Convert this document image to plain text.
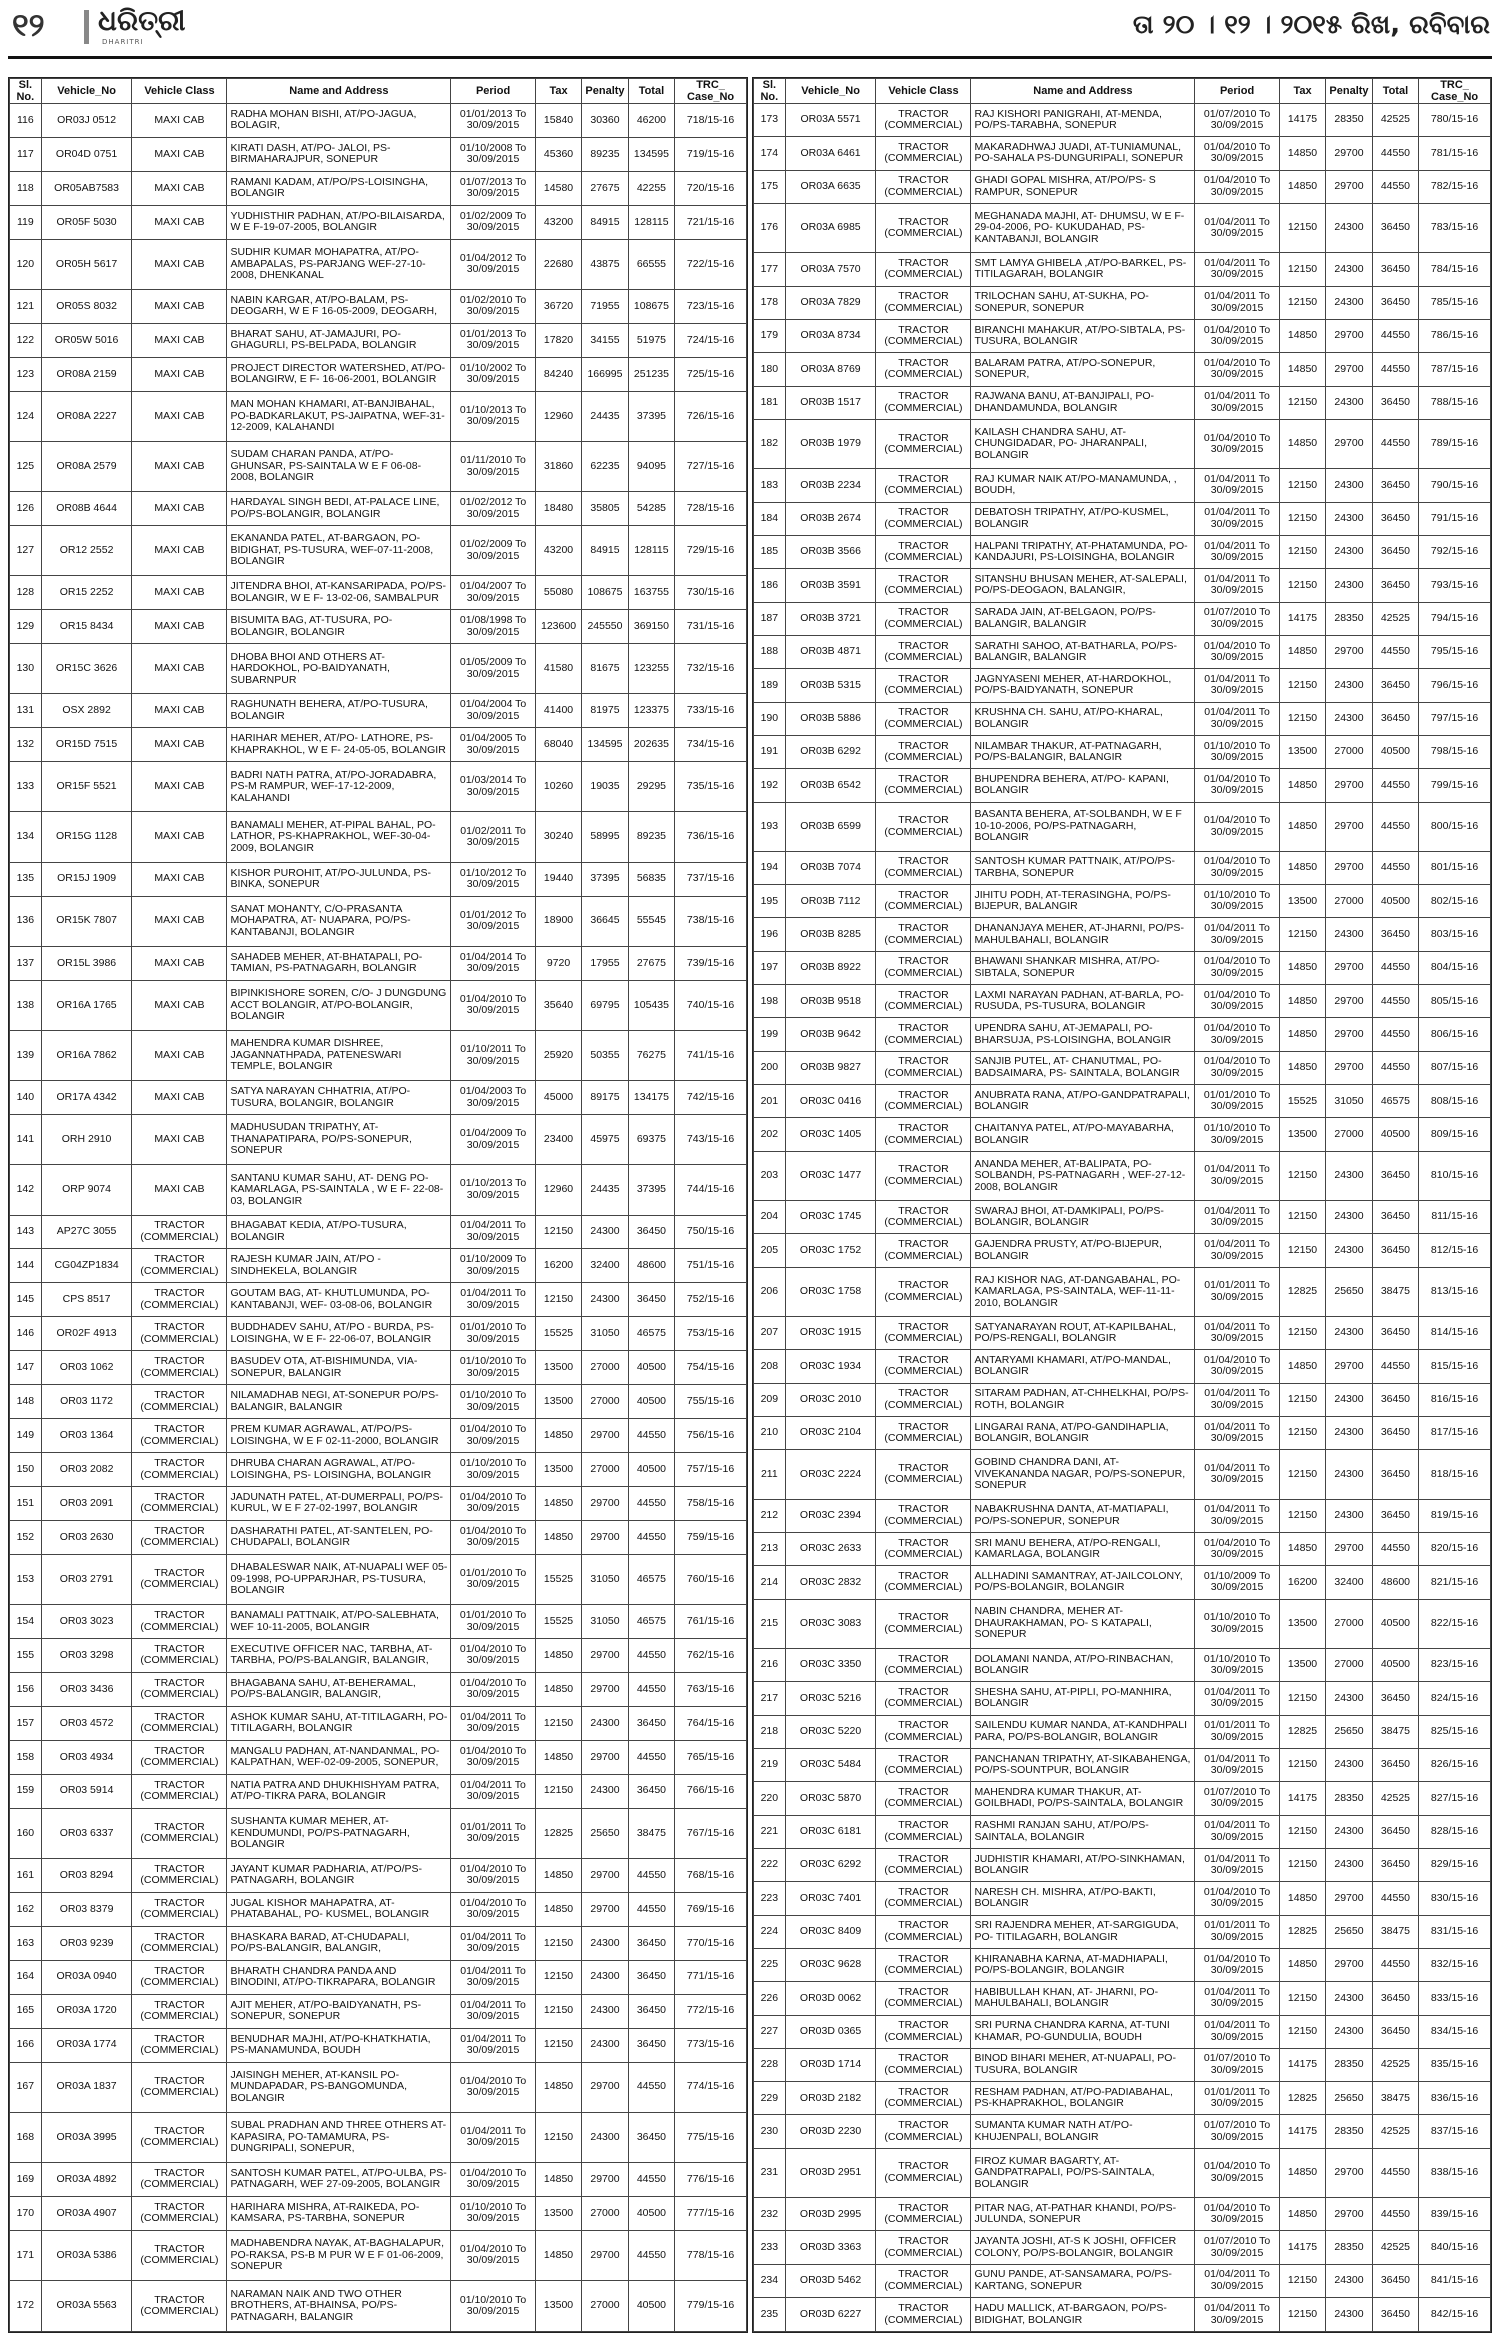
୧୨ ଧରିତ୍ରୀ
DHARITRI
ତା ୨୦ । ୧୨ । ୨୦୧୫ ରିଖ, ରବିବାର
Sl. No.	Vehicle_No	Vehicle Class	Name and Address	Period	Tax	Penalty	Total	TRC_ Case_No
116	OR03J 0512	MAXI CAB	RADHA MOHAN BISHI, AT/PO-JAGUA, BOLAGIR,	01/01/2013 To 30/09/2015	15840	30360	46200	718/15-16
117	OR04D 0751	MAXI CAB	KIRATI DASH, AT/PO- JALOI, PS-BIRMAHARAJPUR, SONEPUR	01/10/2008 To 30/09/2015	45360	89235	134595	719/15-16
118	OR05AB7583	MAXI CAB	RAMANI KADAM, AT/PO/PS-LOISINGHA, BOLANGIR	01/07/2013 To 30/09/2015	14580	27675	42255	720/15-16
119	OR05F 5030	MAXI CAB	YUDHISTHIR PADHAN, AT/PO-BILAISARDA, W E F-19-07-2005, BOLANGIR	01/02/2009 To 30/09/2015	43200	84915	128115	721/15-16
120	OR05H 5617	MAXI CAB	SUDHIR KUMAR MOHAPATRA, AT/PO-AMBAPALAS, PS-PARJANG WEF-27-10-2008, DHENKANAL	01/04/2012 To 30/09/2015	22680	43875	66555	722/15-16
121	OR05S 8032	MAXI CAB	NABIN KARGAR, AT/PO-BALAM, PS-DEOGARH, W E F 16-05-2009, DEOGARH,	01/02/2010 To 30/09/2015	36720	71955	108675	723/15-16
122	OR05W 5016	MAXI CAB	BHARAT SAHU, AT-JAMAJURI, PO-GHAGURLI, PS-BELPADA, BOLANGIR	01/01/2013 To 30/09/2015	17820	34155	51975	724/15-16
123	OR08A 2159	MAXI CAB	PROJECT DIRECTOR WATERSHED, AT/PO- BOLANGIRW, E F- 16-06-2001, BOLANGIR	01/10/2002 To 30/09/2015	84240	166995	251235	725/15-16
124	OR08A 2227	MAXI CAB	MAN MOHAN KHAMARI, AT-BANJIBAHAL, PO-BADKARLAKUT, PS-JAIPATNA, WEF-31-12-2009, KALAHANDI	01/10/2013 To 30/09/2015	12960	24435	37395	726/15-16
125	OR08A 2579	MAXI CAB	SUDAM CHARAN PANDA, AT/PO-GHUNSAR, PS-SAINTALA W E F 06-08-2008, BOLANGIR	01/11/2010 To 30/09/2015	31860	62235	94095	727/15-16
126	OR08B 4644	MAXI CAB	HARDAYAL SINGH BEDI, AT-PALACE LINE, PO/PS-BOLANGIR, BOLANGIR	01/02/2012 To 30/09/2015	18480	35805	54285	728/15-16
127	OR12 2552	MAXI CAB	EKANANDA PATEL, AT-BARGAON, PO-BIDIGHAT, PS-TUSURA, WEF-07-11-2008, BOLANGIR	01/02/2009 To 30/09/2015	43200	84915	128115	729/15-16
128	OR15 2252	MAXI CAB	JITENDRA BHOI, AT-KANSARIPADA, PO/PS- BOLANGIR, W E F- 13-02-06, SAMBALPUR	01/04/2007 To 30/09/2015	55080	108675	163755	730/15-16
129	OR15 8434	MAXI CAB	BISUMITA BAG, AT-TUSURA, PO-BOLANGIR, BOLANGIR	01/08/1998 To 30/09/2015	123600	245550	369150	731/15-16
130	OR15C 3626	MAXI CAB	DHOBA BHOI AND OTHERS AT-HARDOKHOL, PO-BAIDYANATH, SUBARNPUR	01/05/2009 To 30/09/2015	41580	81675	123255	732/15-16
131	OSX 2892	MAXI CAB	RAGHUNATH BEHERA, AT/PO-TUSURA, BOLANGIR	01/04/2004 To 30/09/2015	41400	81975	123375	733/15-16
132	OR15D 7515	MAXI CAB	HARIHAR MEHER, AT/PO- LATHORE, PS- KHAPRAKHOL, W E F- 24-05-05, BOLANGIR	01/04/2005 To 30/09/2015	68040	134595	202635	734/15-16
133	OR15F 5521	MAXI CAB	BADRI NATH PATRA, AT/PO-JORADABRA, PS-M RAMPUR, WEF-17-12-2009, KALAHANDI	01/03/2014 To 30/09/2015	10260	19035	29295	735/15-16
134	OR15G 1128	MAXI CAB	BANAMALI MEHER, AT-PIPAL BAHAL, PO-LATHOR, PS-KHAPRAKHOL, WEF-30-04-2009, BOLANGIR	01/02/2011 To 30/09/2015	30240	58995	89235	736/15-16
135	OR15J 1909	MAXI CAB	KISHOR PUROHIT, AT/PO-JULUNDA, PS-BINKA, SONEPUR	01/10/2012 To 30/09/2015	19440	37395	56835	737/15-16
136	OR15K 7807	MAXI CAB	SANAT MOHANTY, C/O-PRASANTA MOHAPATRA, AT- NUAPARA, PO/PS-KANTABANJI, BOLANGIR	01/01/2012 To 30/09/2015	18900	36645	55545	738/15-16
137	OR15L 3986	MAXI CAB	SAHADEB MEHER, AT-BHATAPALI, PO-TAMIAN, PS-PATNAGARH, BOLANGIR	01/04/2014 To 30/09/2015	9720	17955	27675	739/15-16
138	OR16A 1765	MAXI CAB	BIPINKISHORE SOREN, C/O- J DUNGDUNG ACCT BOLANGIR, AT/PO-BOLANGIR, BOLANGIR	01/04/2010 To 30/09/2015	35640	69795	105435	740/15-16
139	OR16A 7862	MAXI CAB	MAHENDRA KUMAR DISHREE, JAGANNATHPADA, PATENESWARI TEMPLE, BOLANGIR	01/10/2011 To 30/09/2015	25920	50355	76275	741/15-16
140	OR17A 4342	MAXI CAB	SATYA NARAYAN CHHATRIA, AT/PO-TUSURA, BOLANGIR, BOLANGIR	01/04/2003 To 30/09/2015	45000	89175	134175	742/15-16
141	ORH 2910	MAXI CAB	MADHUSUDAN TRIPATHY, AT-THANAPATIPARA, PO/PS-SONEPUR, SONEPUR	01/04/2009 To 30/09/2015	23400	45975	69375	743/15-16
142	ORP 9074	MAXI CAB	SANTANU KUMAR SAHU, AT- DENG PO- KAMARLAGA, PS-SAINTALA , W E F- 22-08-03, BOLANGIR	01/10/2013 To 30/09/2015	12960	24435	37395	744/15-16
143	AP27C 3055	TRACTOR (COMMERCIAL)	BHAGABAT KEDIA, AT/PO-TUSURA, BOLANGIR	01/04/2011 To 30/09/2015	12150	24300	36450	750/15-16
144	CG04ZP1834	TRACTOR (COMMERCIAL)	RAJESH KUMAR JAIN, AT/PO - SINDHEKELA, BOLANGIR	01/10/2009 To 30/09/2015	16200	32400	48600	751/15-16
145	CPS 8517	TRACTOR (COMMERCIAL)	GOUTAM BAG, AT- KHUTLUMUNDA, PO- KANTABANJI, WEF- 03-08-06, BOLANGIR	01/04/2011 To 30/09/2015	12150	24300	36450	752/15-16
146	OR02F 4913	TRACTOR (COMMERCIAL)	BUDDHADEV SAHU, AT/PO - BURDA, PS- LOISINGHA, W E F- 22-06-07, BOLANGIR	01/01/2010 To 30/09/2015	15525	31050	46575	753/15-16
147	OR03 1062	TRACTOR (COMMERCIAL)	BASUDEV OTA, AT-BISHIMUNDA, VIA-SONEPUR, BALANGIR	01/10/2010 To 30/09/2015	13500	27000	40500	754/15-16
148	OR03 1172	TRACTOR (COMMERCIAL)	NILAMADHAB NEGI, AT-SONEPUR PO/PS-BALANGIR, BALANGIR	01/10/2010 To 30/09/2015	13500	27000	40500	755/15-16
149	OR03 1364	TRACTOR (COMMERCIAL)	PREM KUMAR AGRAWAL, AT/PO/PS-LOISINGHA, W E F 02-11-2000, BOLANGIR	01/04/2010 To 30/09/2015	14850	29700	44550	756/15-16
150	OR03 2082	TRACTOR (COMMERCIAL)	DHRUBA CHARAN AGRAWAL, AT/PO-LOISINGHA, PS- LOISINGHA, BOLANGIR	01/10/2010 To 30/09/2015	13500	27000	40500	757/15-16
151	OR03 2091	TRACTOR (COMMERCIAL)	JADUNATH PATEL, AT-DUMERPALI, PO/PS-KURUL, W E F 27-02-1997, BOLANGIR	01/04/2010 To 30/09/2015	14850	29700	44550	758/15-16
152	OR03 2630	TRACTOR (COMMERCIAL)	DASHARATHI PATEL, AT-SANTELEN, PO-CHUDAPALI, BOLANGIR	01/04/2010 To 30/09/2015	14850	29700	44550	759/15-16
153	OR03 2791	TRACTOR (COMMERCIAL)	DHABALESWAR NAIK, AT-NUAPALI WEF 05-09-1998, PO-UPPARJHAR, PS-TUSURA, BOLANGIR	01/01/2010 To 30/09/2015	15525	31050	46575	760/15-16
154	OR03 3023	TRACTOR (COMMERCIAL)	BANAMALI PATTNAIK, AT/PO-SALEBHATA, WEF 10-11-2005, BOLANGIR	01/01/2010 To 30/09/2015	15525	31050	46575	761/15-16
155	OR03 3298	TRACTOR (COMMERCIAL)	EXECUTIVE OFFICER NAC, TARBHA, AT-TARBHA, PO/PS-BALANGIR, BALANGIR,	01/04/2010 To 30/09/2015	14850	29700	44550	762/15-16
156	OR03 3436	TRACTOR (COMMERCIAL)	BHAGABANA SAHU, AT-BEHERAMAL, PO/PS-BALANGIR, BALANGIR,	01/04/2010 To 30/09/2015	14850	29700	44550	763/15-16
157	OR03 4572	TRACTOR (COMMERCIAL)	ASHOK KUMAR SAHU, AT-TITILAGARH, PO-TITILAGARH, BOLANGIR	01/04/2011 To 30/09/2015	12150	24300	36450	764/15-16
158	OR03 4934	TRACTOR (COMMERCIAL)	MANGALU PADHAN, AT-NANDANMAL, PO-KALPATHAN, WEF-02-09-2005, SONEPUR,	01/04/2010 To 30/09/2015	14850	29700	44550	765/15-16
159	OR03 5914	TRACTOR (COMMERCIAL)	NATIA PATRA AND DHUKHISHYAM PATRA, AT/PO-TIKRA PARA, BOLANGIR	01/04/2011 To 30/09/2015	12150	24300	36450	766/15-16
160	OR03 6337	TRACTOR (COMMERCIAL)	SUSHANTA KUMAR MEHER, AT-KENDUMUNDI, PO/PS-PATNAGARH, BOLANGIR	01/01/2011 To 30/09/2015	12825	25650	38475	767/15-16
161	OR03 8294	TRACTOR (COMMERCIAL)	JAYANT KUMAR PADHARIA, AT/PO/PS-PATNAGARH, BOLANGIR	01/04/2010 To 30/09/2015	14850	29700	44550	768/15-16
162	OR03 8379	TRACTOR (COMMERCIAL)	JUGAL KISHOR MAHAPATRA, AT-PHATABAHAL, PO- KUSMEL, BOLANGIR	01/04/2010 To 30/09/2015	14850	29700	44550	769/15-16
163	OR03 9239	TRACTOR (COMMERCIAL)	BHASKARA BARAD, AT-CHUDAPALI, PO/PS-BALANGIR, BALANGIR,	01/04/2011 To 30/09/2015	12150	24300	36450	770/15-16
164	OR03A 0940	TRACTOR (COMMERCIAL)	BHARATH CHANDRA PANDA AND BINODINI, AT/PO-TIKRAPARA, BOLANGIR	01/04/2011 To 30/09/2015	12150	24300	36450	771/15-16
165	OR03A 1720	TRACTOR (COMMERCIAL)	AJIT MEHER, AT/PO-BAIDYANATH, PS-SONEPUR, SONEPUR	01/04/2011 To 30/09/2015	12150	24300	36450	772/15-16
166	OR03A 1774	TRACTOR (COMMERCIAL)	BENUDHAR MAJHI, AT/PO-KHATKHATIA, PS-MANAMUNDA, BOUDH	01/04/2011 To 30/09/2015	12150	24300	36450	773/15-16
167	OR03A 1837	TRACTOR (COMMERCIAL)	JAISINGH MEHER, AT-KANSIL PO-MUNDAPADAR, PS-BANGOMUNDA, BOLANGIR	01/04/2010 To 30/09/2015	14850	29700	44550	774/15-16
168	OR03A 3995	TRACTOR (COMMERCIAL)	SUBAL PRADHAN AND THREE OTHERS AT-KAPASIRA, PO-TAMAMURA, PS-DUNGRIPALI, SONEPUR,	01/04/2011 To 30/09/2015	12150	24300	36450	775/15-16
169	OR03A 4892	TRACTOR (COMMERCIAL)	SANTOSH KUMAR PATEL, AT/PO-ULBA, PS- PATNAGARH, WEF 27-09-2005, BOLANGIR	01/04/2010 To 30/09/2015	14850	29700	44550	776/15-16
170	OR03A 4907	TRACTOR (COMMERCIAL)	HARIHARA MISHRA, AT-RAIKEDA, PO-KAMSARA, PS-TARBHA, SONEPUR	01/10/2010 To 30/09/2015	13500	27000	40500	777/15-16
171	OR03A 5386	TRACTOR (COMMERCIAL)	MADHABENDRA NAYAK, AT-BAGHALAPUR, PO-RAKSA, PS-B M PUR W E F 01-06-2009, SONEPUR	01/04/2010 To 30/09/2015	14850	29700	44550	778/15-16
172	OR03A 5563	TRACTOR (COMMERCIAL)	NARAMAN NAIK AND TWO OTHER BROTHERS, AT-BHAINSA, PO/PS-PATNAGARH, BALANGIR	01/10/2010 To 30/09/2015	13500	27000	40500	779/15-16
Sl. No.	Vehicle_No	Vehicle Class	Name and Address	Period	Tax	Penalty	Total	TRC_ Case_No
173	OR03A 5571	TRACTOR (COMMERCIAL)	RAJ KISHORI PANIGRAHI, AT-MENDA, PO/PS-TARABHA, SONEPUR	01/07/2010 To 30/09/2015	14175	28350	42525	780/15-16
174	OR03A 6461	TRACTOR (COMMERCIAL)	MAKARADHWAJ JUADI, AT-TUNIAMUNAL, PO-SAHALA PS-DUNGURIPALI, SONEPUR	01/04/2010 To 30/09/2015	14850	29700	44550	781/15-16
175	OR03A 6635	TRACTOR (COMMERCIAL)	GHADI GOPAL MISHRA, AT/PO/PS- S RAMPUR, SONEPUR	01/04/2010 To 30/09/2015	14850	29700	44550	782/15-16
176	OR03A 6985	TRACTOR (COMMERCIAL)	MEGHANADA MAJHI, AT- DHUMSU, W E F- 29-04-2006, PO- KUKUDAHAD, PS-KANTABANJI, BOLANGIR	01/04/2011 To 30/09/2015	12150	24300	36450	783/15-16
177	OR03A 7570	TRACTOR (COMMERCIAL)	SMT LAMYA GHIBELA ,AT/PO-BARKEL, PS-TITILAGARAH, BOLANGIR	01/04/2011 To 30/09/2015	12150	24300	36450	784/15-16
178	OR03A 7829	TRACTOR (COMMERCIAL)	TRILOCHAN SAHU, AT-SUKHA, PO-SONEPUR, SONEPUR	01/04/2011 To 30/09/2015	12150	24300	36450	785/15-16
179	OR03A 8734	TRACTOR (COMMERCIAL)	BIRANCHI MAHAKUR, AT/PO-SIBTALA, PS-TUSURA, BOLANGIR	01/04/2010 To 30/09/2015	14850	29700	44550	786/15-16
180	OR03A 8769	TRACTOR (COMMERCIAL)	BALARAM PATRA, AT/PO-SONEPUR, SONEPUR,	01/04/2010 To 30/09/2015	14850	29700	44550	787/15-16
181	OR03B 1517	TRACTOR (COMMERCIAL)	RAJWANA BANU, AT-BANJIPALI, PO-DHANDAMUNDA, BOLANGIR	01/04/2011 To 30/09/2015	12150	24300	36450	788/15-16
182	OR03B 1979	TRACTOR (COMMERCIAL)	KAILASH CHANDRA SAHU, AT-CHUNGIDADAR, PO- JHARANPALI, BOLANGIR	01/04/2010 To 30/09/2015	14850	29700	44550	789/15-16
183	OR03B 2234	TRACTOR (COMMERCIAL)	RAJ KUMAR NAIK AT/PO-MANAMUNDA, , BOUDH,	01/04/2011 To 30/09/2015	12150	24300	36450	790/15-16
184	OR03B 2674	TRACTOR (COMMERCIAL)	DEBATOSH TRIPATHY, AT/PO-KUSMEL, BOLANGIR	01/04/2011 To 30/09/2015	12150	24300	36450	791/15-16
185	OR03B 3566	TRACTOR (COMMERCIAL)	HALPANI TRIPATHY, AT-PHATAMUNDA, PO-KANDAJURI, PS-LOISINGHA, BOLANGIR	01/04/2011 To 30/09/2015	12150	24300	36450	792/15-16
186	OR03B 3591	TRACTOR (COMMERCIAL)	SITANSHU BHUSAN MEHER, AT-SALEPALI, PO/PS-DEOGAON, BALANGIR,	01/04/2011 To 30/09/2015	12150	24300	36450	793/15-16
187	OR03B 3721	TRACTOR (COMMERCIAL)	SARADA JAIN, AT-BELGAON, PO/PS-BALANGIR, BALANGIR	01/07/2010 To 30/09/2015	14175	28350	42525	794/15-16
188	OR03B 4871	TRACTOR (COMMERCIAL)	SARATHI SAHOO, AT-BATHARLA, PO/PS-BALANGIR, BALANGIR	01/04/2010 To 30/09/2015	14850	29700	44550	795/15-16
189	OR03B 5315	TRACTOR (COMMERCIAL)	JAGNYASENI MEHER, AT-HARDOKHOL, PO/PS-BAIDYANATH, SONEPUR	01/04/2011 To 30/09/2015	12150	24300	36450	796/15-16
190	OR03B 5886	TRACTOR (COMMERCIAL)	KRUSHNA CH. SAHU, AT/PO-KHARAL, BOLANGIR	01/04/2011 To 30/09/2015	12150	24300	36450	797/15-16
191	OR03B 6292	TRACTOR (COMMERCIAL)	NILAMBAR THAKUR, AT-PATNAGARH, PO/PS-BALANGIR, BALANGIR	01/10/2010 To 30/09/2015	13500	27000	40500	798/15-16
192	OR03B 6542	TRACTOR (COMMERCIAL)	BHUPENDRA BEHERA, AT/PO- KAPANI, BOLANGIR	01/04/2010 To 30/09/2015	14850	29700	44550	799/15-16
193	OR03B 6599	TRACTOR (COMMERCIAL)	BASANTA BEHERA, AT-SOLBANDH, W E F 10-10-2006, PO/PS-PATNAGARH, BOLANGIR	01/04/2010 To 30/09/2015	14850	29700	44550	800/15-16
194	OR03B 7074	TRACTOR (COMMERCIAL)	SANTOSH KUMAR PATTNAIK, AT/PO/PS-TARBHA, SONEPUR	01/04/2010 To 30/09/2015	14850	29700	44550	801/15-16
195	OR03B 7112	TRACTOR (COMMERCIAL)	JIHITU PODH, AT-TERASINGHA, PO/PS-BIJEPUR, BALANGIR	01/10/2010 To 30/09/2015	13500	27000	40500	802/15-16
196	OR03B 8285	TRACTOR (COMMERCIAL)	DHANANJAYA MEHER, AT-JHARNI, PO/PS-MAHULBAHALI, BOLANGIR	01/04/2011 To 30/09/2015	12150	24300	36450	803/15-16
197	OR03B 8922	TRACTOR (COMMERCIAL)	BHAWANI SHANKAR MISHRA, AT/PO-SIBTALA, SONEPUR	01/04/2010 To 30/09/2015	14850	29700	44550	804/15-16
198	OR03B 9518	TRACTOR (COMMERCIAL)	LAXMI NARAYAN PADHAN, AT-BARLA, PO-RUSUDA, PS-TUSURA, BOLANGIR	01/04/2010 To 30/09/2015	14850	29700	44550	805/15-16
199	OR03B 9642	TRACTOR (COMMERCIAL)	UPENDRA SAHU, AT-JEMAPALI, PO-BHARSUJA, PS-LOISINGHA, BOLANGIR	01/04/2010 To 30/09/2015	14850	29700	44550	806/15-16
200	OR03B 9827	TRACTOR (COMMERCIAL)	SANJIB PUTEL, AT- CHANUTMAL, PO-BADSAIMARA, PS- SAINTALA, BOLANGIR	01/04/2010 To 30/09/2015	14850	29700	44550	807/15-16
201	OR03C 0416	TRACTOR (COMMERCIAL)	ANUBRATA RANA, AT/PO-GANDPATRAPALI, BOLANGIR	01/01/2010 To 30/09/2015	15525	31050	46575	808/15-16
202	OR03C 1405	TRACTOR (COMMERCIAL)	CHAITANYA PATEL, AT/PO-MAYABARHA, BOLANGIR	01/10/2010 To 30/09/2015	13500	27000	40500	809/15-16
203	OR03C 1477	TRACTOR (COMMERCIAL)	ANANDA MEHER, AT-BALIPATA, PO-SOLBANDH, PS-PATNAGARH , WEF-27-12-2008, BOLANGIR	01/04/2011 To 30/09/2015	12150	24300	36450	810/15-16
204	OR03C 1745	TRACTOR (COMMERCIAL)	SWARAJ BHOI, AT-DAMKIPALI, PO/PS-BOLANGIR, BOLANGIR	01/04/2011 To 30/09/2015	12150	24300	36450	811/15-16
205	OR03C 1752	TRACTOR (COMMERCIAL)	GAJENDRA PRUSTY, AT/PO-BIJEPUR, BOLANGIR	01/04/2011 To 30/09/2015	12150	24300	36450	812/15-16
206	OR03C 1758	TRACTOR (COMMERCIAL)	RAJ KISHOR NAG, AT-DANGABAHAL, PO-KAMARLAGA, PS-SAINTALA, WEF-11-11-2010, BOLANGIR	01/01/2011 To 30/09/2015	12825	25650	38475	813/15-16
207	OR03C 1915	TRACTOR (COMMERCIAL)	SATYANARAYAN ROUT, AT-KAPILBAHAL, PO/PS-RENGALI, BOLANGIR	01/04/2011 To 30/09/2015	12150	24300	36450	814/15-16
208	OR03C 1934	TRACTOR (COMMERCIAL)	ANTARYAMI KHAMARI, AT/PO-MANDAL, BOLANGIR	01/04/2010 To 30/09/2015	14850	29700	44550	815/15-16
209	OR03C 2010	TRACTOR (COMMERCIAL)	SITARAM PADHAN, AT-CHHELKHAI, PO/PS-ROTH, BOLANGIR	01/04/2011 To 30/09/2015	12150	24300	36450	816/15-16
210	OR03C 2104	TRACTOR (COMMERCIAL)	LINGARAI RANA, AT/PO-GANDIHAPLIA, BOLANGIR, BOLANGIR	01/04/2011 To 30/09/2015	12150	24300	36450	817/15-16
211	OR03C 2224	TRACTOR (COMMERCIAL)	GOBIND CHANDRA DANI, AT-VIVEKANANDA NAGAR, PO/PS-SONEPUR, SONEPUR	01/04/2011 To 30/09/2015	12150	24300	36450	818/15-16
212	OR03C 2394	TRACTOR (COMMERCIAL)	NABAKRUSHNA DANTA, AT-MATIAPALI, PO/PS-SONEPUR, SONEPUR	01/04/2011 To 30/09/2015	12150	24300	36450	819/15-16
213	OR03C 2633	TRACTOR (COMMERCIAL)	SRI MANU BEHERA, AT/PO-RENGALI, KAMARLAGA, BOLANGIR	01/04/2010 To 30/09/2015	14850	29700	44550	820/15-16
214	OR03C 2832	TRACTOR (COMMERCIAL)	ALLHADINI SAMANTRAY, AT-JAILCOLONY, PO/PS-BOLANGIR, BOLANGIR	01/10/2009 To 30/09/2015	16200	32400	48600	821/15-16
215	OR03C 3083	TRACTOR (COMMERCIAL)	NABIN CHANDRA, MEHER AT-DHAURAKHAMAN, PO- S KATAPALI, SONEPUR	01/10/2010 To 30/09/2015	13500	27000	40500	822/15-16
216	OR03C 3350	TRACTOR (COMMERCIAL)	DOLAMANI NANDA, AT/PO-RINBACHAN, BOLANGIR	01/10/2010 To 30/09/2015	13500	27000	40500	823/15-16
217	OR03C 5216	TRACTOR (COMMERCIAL)	SHESHA SAHU, AT-PIPLI, PO-MANHIRA, BOLANGIR	01/04/2011 To 30/09/2015	12150	24300	36450	824/15-16
218	OR03C 5220	TRACTOR (COMMERCIAL)	SAILENDU KUMAR NANDA, AT-KANDHPALI PARA, PO/PS-BOLANGIR, BOLANGIR	01/01/2011 To 30/09/2015	12825	25650	38475	825/15-16
219	OR03C 5484	TRACTOR (COMMERCIAL)	PANCHANAN TRIPATHY, AT-SIKABAHENGA, PO/PS-SOUNTPUR, BOLANGIR	01/04/2011 To 30/09/2015	12150	24300	36450	826/15-16
220	OR03C 5870	TRACTOR (COMMERCIAL)	MAHENDRA KUMAR THAKUR, AT-GOILBHADI, PO/PS-SAINTALA, BOLANGIR	01/07/2010 To 30/09/2015	14175	28350	42525	827/15-16
221	OR03C 6181	TRACTOR (COMMERCIAL)	RASHMI RANJAN SAHU, AT/PO/PS-SAINTALA, BOLANGIR	01/04/2011 To 30/09/2015	12150	24300	36450	828/15-16
222	OR03C 6292	TRACTOR (COMMERCIAL)	JUDHISTIR KHAMARI, AT/PO-SINKHAMAN, BOLANGIR	01/04/2011 To 30/09/2015	12150	24300	36450	829/15-16
223	OR03C 7401	TRACTOR (COMMERCIAL)	NARESH CH. MISHRA, AT/PO-BAKTI, BOLANGIR	01/04/2010 To 30/09/2015	14850	29700	44550	830/15-16
224	OR03C 8409	TRACTOR (COMMERCIAL)	SRI RAJENDRA MEHER, AT-SARGIGUDA, PO- TITILAGARH, BOLANGIR	01/01/2011 To 30/09/2015	12825	25650	38475	831/15-16
225	OR03C 9628	TRACTOR (COMMERCIAL)	KHIRANABHA KARNA, AT-MADHIAPALI, PO/PS-BOLANGIR, BOLANGIR	01/04/2010 To 30/09/2015	14850	29700	44550	832/15-16
226	OR03D 0062	TRACTOR (COMMERCIAL)	HABIBULLAH KHAN, AT- JHARNI, PO-MAHULBAHALI, BOLANGIR	01/04/2011 To 30/09/2015	12150	24300	36450	833/15-16
227	OR03D 0365	TRACTOR (COMMERCIAL)	SRI PURNA CHANDRA KARNA, AT-TUNI KHAMAR, PO-GUNDULIA, BOUDH	01/04/2011 To 30/09/2015	12150	24300	36450	834/15-16
228	OR03D 1714	TRACTOR (COMMERCIAL)	BINOD BIHARI MEHER, AT-NUAPALI, PO-TUSURA, BOLANGIR	01/07/2010 To 30/09/2015	14175	28350	42525	835/15-16
229	OR03D 2182	TRACTOR (COMMERCIAL)	RESHAM PADHAN, AT/PO-PADIABAHAL, PS-KHAPRAKHOL, BOLANGIR	01/01/2011 To 30/09/2015	12825	25650	38475	836/15-16
230	OR03D 2230	TRACTOR (COMMERCIAL)	SUMANTA KUMAR NATH AT/PO-KHUJENPALI, BOLANGIR	01/07/2010 To 30/09/2015	14175	28350	42525	837/15-16
231	OR03D 2951	TRACTOR (COMMERCIAL)	FIROZ KUMAR BAGARTY, AT-GANDPATRAPALI, PO/PS-SAINTALA, BOLANGIR	01/04/2010 To 30/09/2015	14850	29700	44550	838/15-16
232	OR03D 2995	TRACTOR (COMMERCIAL)	PITAR NAG, AT-PATHAR KHANDI, PO/PS-JULUNDA, SONEPUR	01/04/2010 To 30/09/2015	14850	29700	44550	839/15-16
233	OR03D 3363	TRACTOR (COMMERCIAL)	JAYANTA JOSHI, AT-S K JOSHI, OFFICER COLONY, PO/PS-BOLANGIR, BOLANGIR	01/07/2010 To 30/09/2015	14175	28350	42525	840/15-16
234	OR03D 5462	TRACTOR (COMMERCIAL)	GUNU PANDE, AT-SANSAMARA, PO/PS-KARTANG, SONEPUR	01/04/2011 To 30/09/2015	12150	24300	36450	841/15-16
235	OR03D 6227	TRACTOR (COMMERCIAL)	HADU MALLICK, AT-BARGAON, PO/PS-BIDIGHAT, BOLANGIR	01/04/2011 To 30/09/2015	12150	24300	36450	842/15-16
